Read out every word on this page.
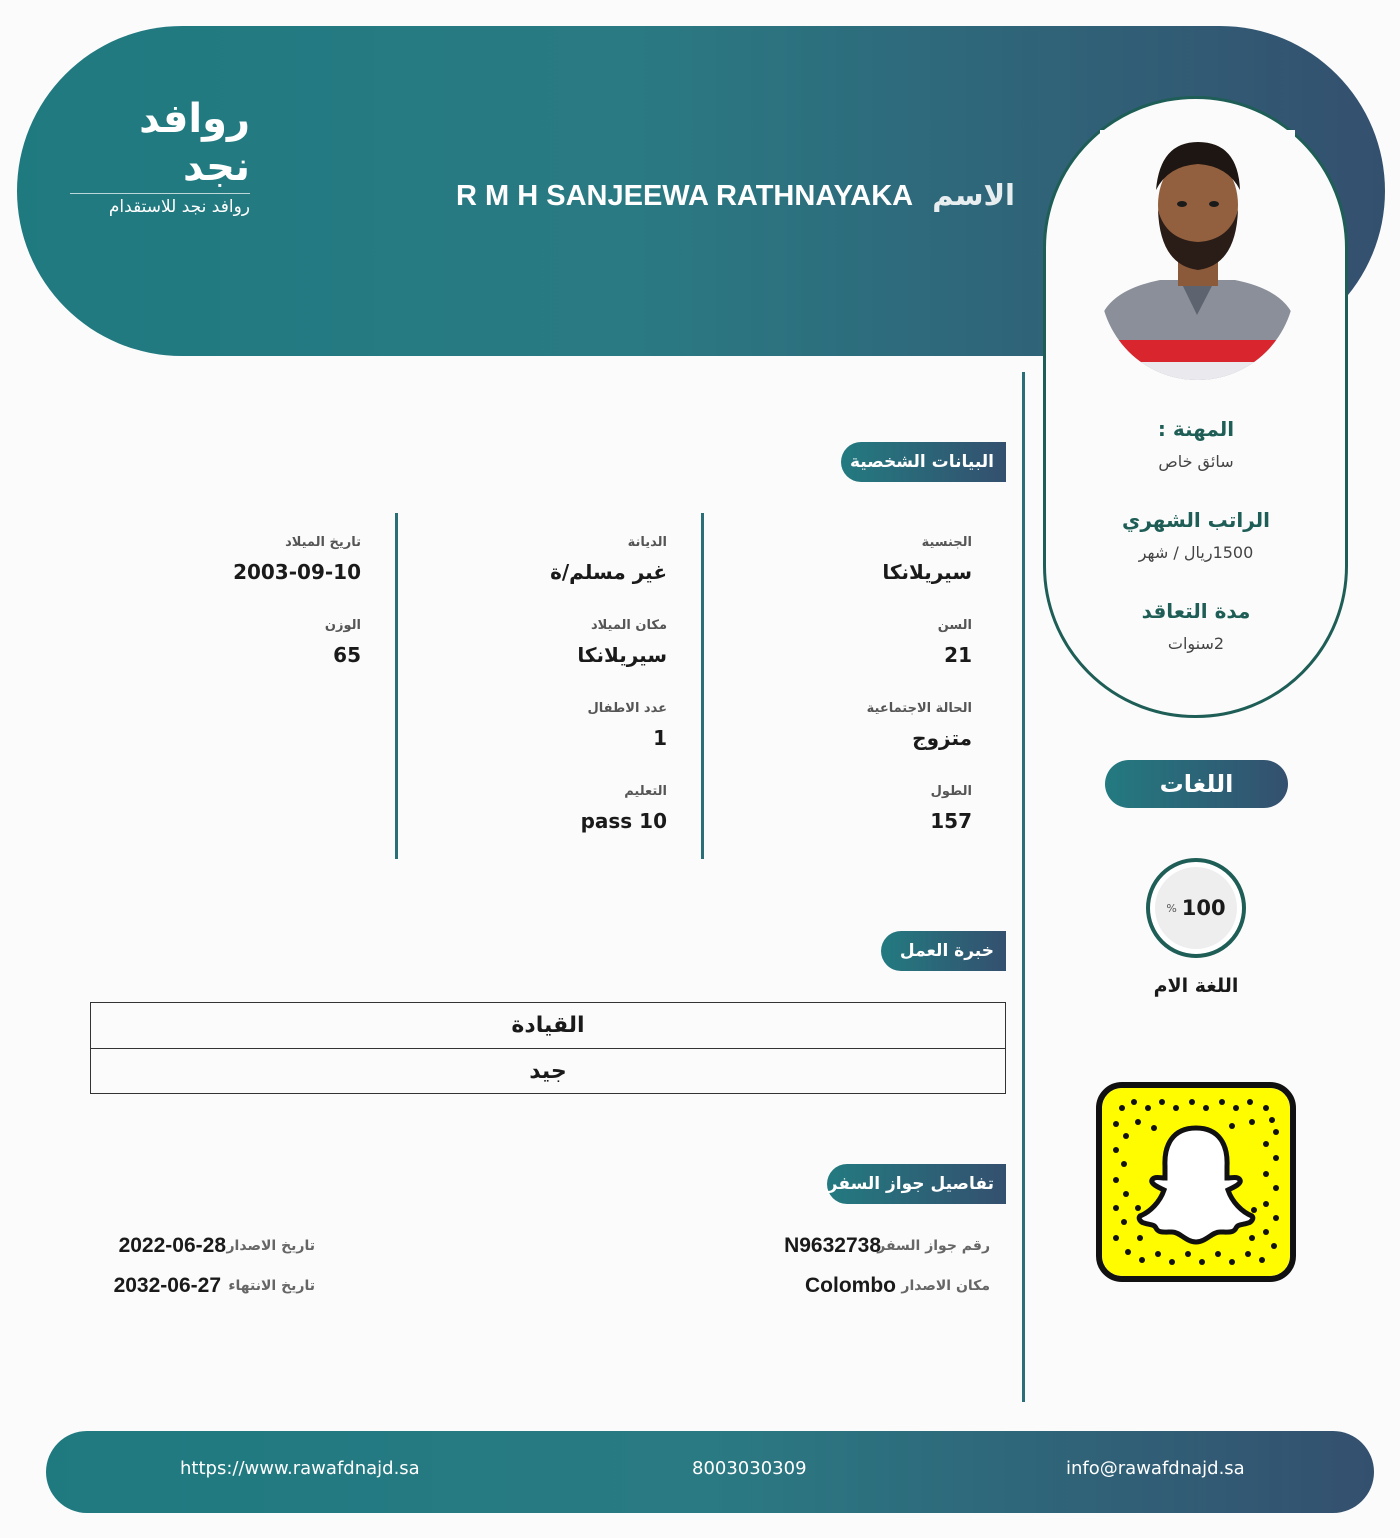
روافد نجد
روافد نجد للاستقدام	الاسم R M H SANJEEWA RATHNAYAKA
المهنة :
سائق خاص
الراتب الشهري
1500ريال / شهر
مدة التعاقد
2سنوات
البيانات الشخصية
الجنسية
سيريلانكا
السن
21
الحالة الاجتماعية
متزوج
الطول
157
الديانة
غير مسلم/ة
مكان الميلاد
سيريلانكا
عدد الاطفال
1
التعليم
pass 10
تاريخ الميلاد
2003-09-10
الوزن
65
خبرة العمل
القيادة
جيد
تفاصيل جواز السفر
رقم جواز السفر
N9632738
مكان الاصدار
Colombo
تاريخ الاصدار
2022-06-28
تاريخ الانتهاء
2032-06-27
اللغات
% 100
اللغة الام
https://www.rawafdnajd.sa	8003030309	info@rawafdnajd.sa
